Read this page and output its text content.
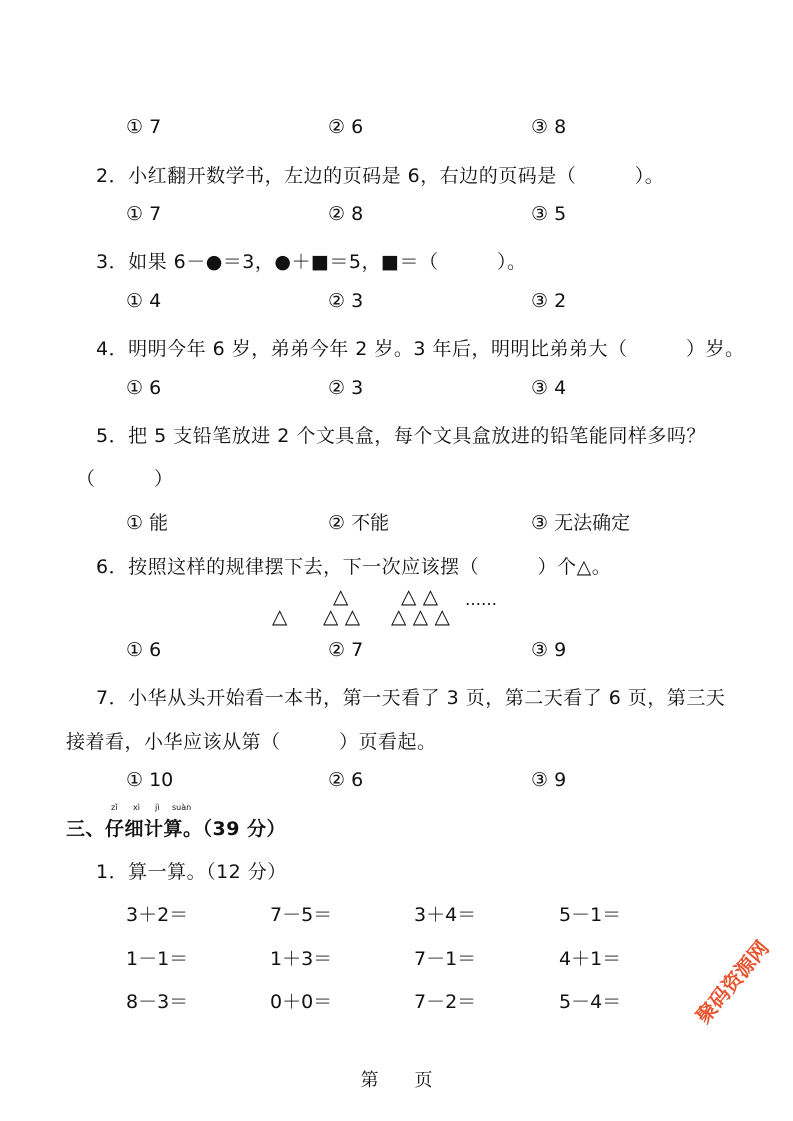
① 7	② 6	③ 8
2．小红翻开数学书，左边的页码是 6，右边的页码是（　　　）。
① 7	② 8	③ 5
3．如果 6－●＝3，●＋■＝5，■＝（　　　）。
① 4	② 3	③ 2
4．明明今年 6 岁，弟弟今年 2 岁。3 年后，明明比弟弟大（　　　）岁。
① 6	② 3	③ 4
5．把 5 支铅笔放进 2 个文具盒，每个文具盒放进的铅笔能同样多吗？
（　　　）
① 能	② 不能	③ 无法确定
6．按照这样的规律摆下去，下一次应该摆（　　　）个△。
△
△
△ △
△ △
△ △ △
……
① 6	② 7	③ 9
7．小华从头开始看一本书，第一天看了 3 页，第二天看了 6 页，第三天
接着看，小华应该从第（　　　）页看起。
① 10	② 6	③ 9
zǐ xì jì suàn
三、仔细计算。（39 分）
1．算一算。（12 分）
3＋2＝	7－5＝	3＋4＝	5－1＝
1－1＝	1＋3＝	7－1＝	4＋1＝
8－3＝	0＋0＝	7－2＝	5－4＝	聚码资源网
第　　页
